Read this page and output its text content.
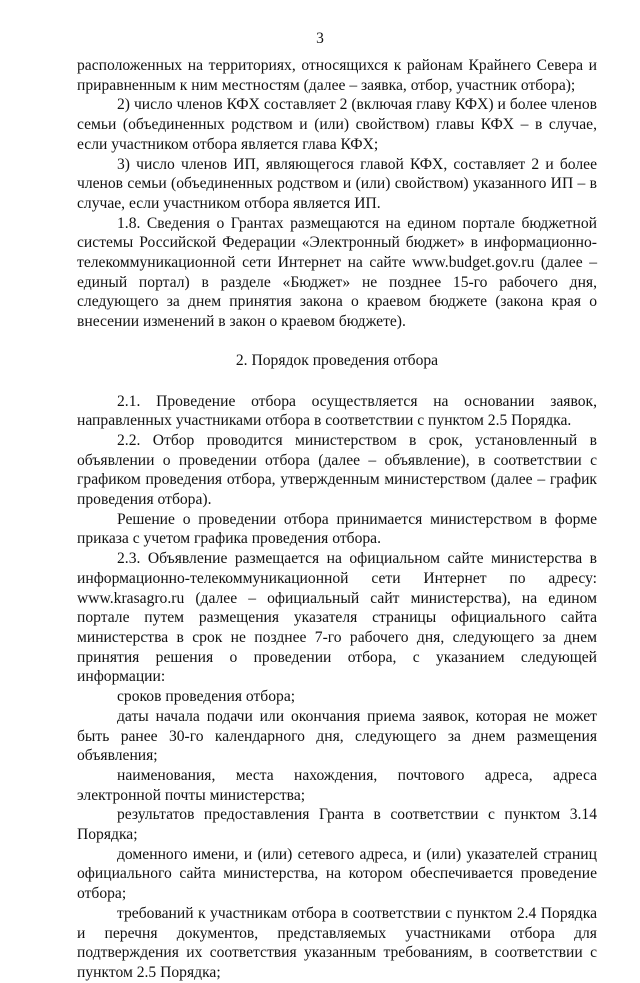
3

расположенных на территориях, относящихся к районам Крайнего Севера и приравненным к ним местностям (далее – заявка, отбор, участник отбора);

2) число членов КФХ составляет 2 (включая главу КФХ) и более членов семьи (объединенных родством и (или) свойством) главы КФХ – в случае, если участником отбора является глава КФХ;

3) число членов ИП, являющегося главой КФХ, составляет 2 и более членов семьи (объединенных родством и (или) свойством) указанного ИП – в случае, если участником отбора является ИП.

1.8. Сведения о Грантах размещаются на едином портале бюджетной системы Российской Федерации «Электронный бюджет» в информационно-телекоммуникационной сети Интернет на сайте www.budget.gov.ru (далее – единый портал) в разделе «Бюджет» не позднее 15-го рабочего дня, следующего за днем принятия закона о краевом бюджете (закона края о внесении изменений в закон о краевом бюджете).

2. Порядок проведения отбора

2.1. Проведение отбора осуществляется на основании заявок, направленных участниками отбора в соответствии с пунктом 2.5 Порядка.

2.2. Отбор проводится министерством в срок, установленный в объявлении о проведении отбора (далее – объявление), в соответствии с графиком проведения отбора, утвержденным министерством (далее – график проведения отбора).

Решение о проведении отбора принимается министерством в форме приказа с учетом графика проведения отбора.

2.3. Объявление размещается на официальном сайте министерства в информационно-телекоммуникационной сети Интернет по адресу: www.krasagro.ru (далее – официальный сайт министерства), на едином портале путем размещения указателя страницы официального сайта министерства в срок не позднее 7-го рабочего дня, следующего за днем принятия решения о проведении отбора, с указанием следующей информации:

сроков проведения отбора;

даты начала подачи или окончания приема заявок, которая не может быть ранее 30-го календарного дня, следующего за днем размещения объявления;

наименования, места нахождения, почтового адреса, адреса электронной почты министерства;

результатов предоставления Гранта в соответствии с пунктом 3.14 Порядка;

доменного имени, и (или) сетевого адреса, и (или) указателей страниц официального сайта министерства, на котором обеспечивается проведение отбора;

требований к участникам отбора в соответствии с пунктом 2.4 Порядка и перечня документов, представляемых участниками отбора для подтверждения их соответствия указанным требованиям, в соответствии с пунктом 2.5 Порядка;
